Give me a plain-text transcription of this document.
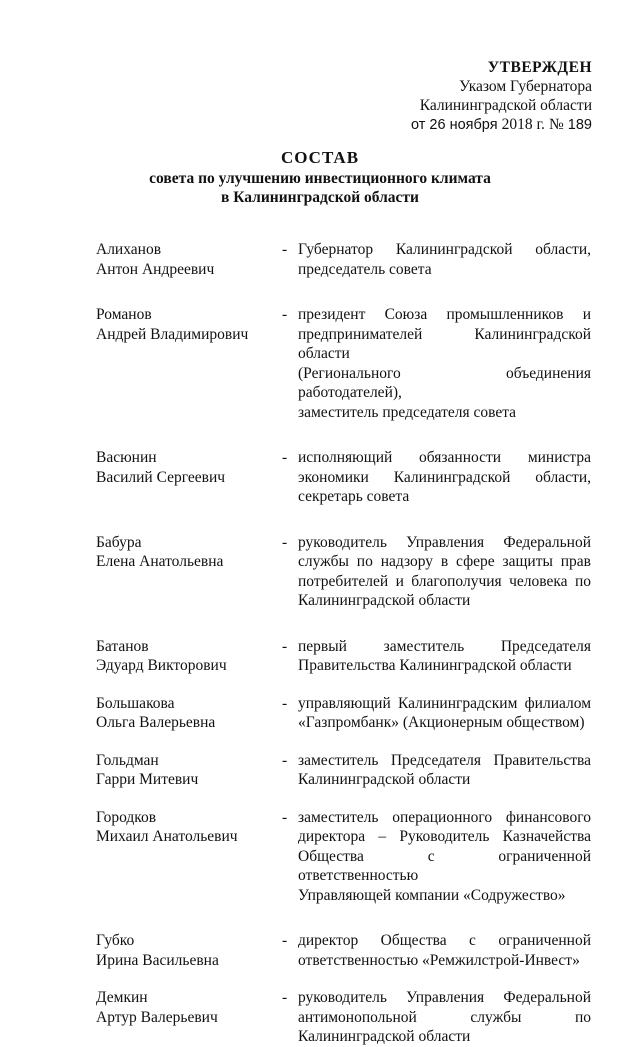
УТВЕРЖДЕН
Указом Губернатора
Калининградской области
от 26 ноября 2018 г. № 189
СОСТАВ
совета по улучшению инвестиционного климата
в Калининградской области
Алиханов
Антон Андреевич
- Губернатор Калининградской области,
председатель совета
Романов
Андрей Владимирович
- президент Союза промышленников и
предпринимателей Калининградской области
(Регионального объединения работодателей),
заместитель председателя совета
Васюнин
Василий Сергеевич
- исполняющий обязанности министра
экономики Калининградской области,
секретарь совета
Бабура
Елена Анатольевна
- руководитель Управления Федеральной
службы по надзору в сфере защиты прав
потребителей и благополучия человека по
Калининградской области
Батанов
Эдуард Викторович
- первый заместитель Председателя
Правительства Калининградской области
Большакова
Ольга Валерьевна
- управляющий Калининградским филиалом
«Газпромбанк» (Акционерным обществом)
Гольдман
Гарри Митевич
- заместитель Председателя Правительства
Калининградской области
Городков
Михаил Анатольевич
- заместитель операционного финансового
директора – Руководитель Казначейства
Общества с ограниченной ответственностью
Управляющей компании «Содружество»
Губко
Ирина Васильевна
- директор Общества с ограниченной
ответственностью «Ремжилстрой-Инвест»
Демкин
Артур Валерьевич
- руководитель Управления Федеральной
антимонопольной службы по
Калининградской области
